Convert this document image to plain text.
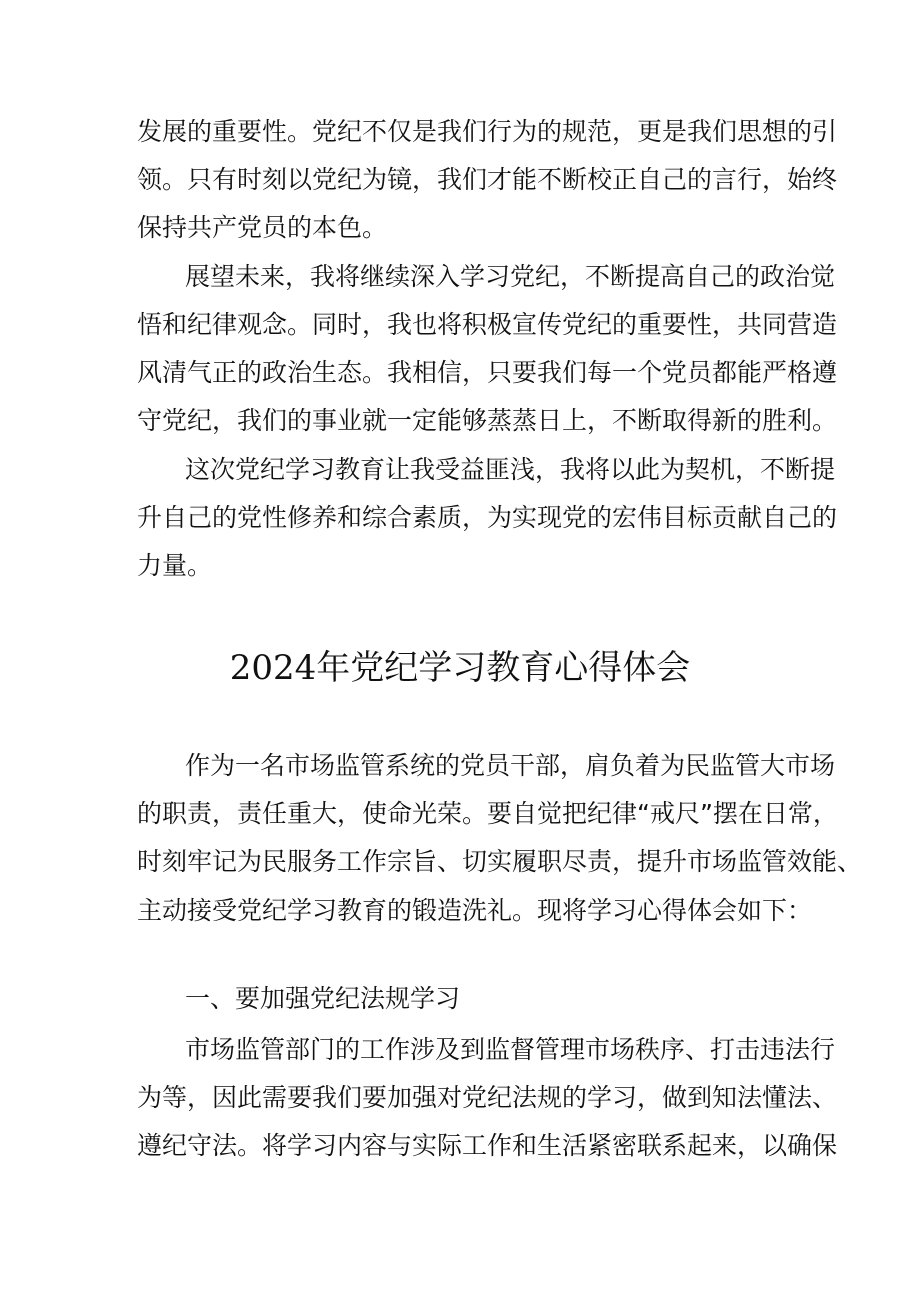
发展的重要性。党纪不仅是我们行为的规范，更是我们思想的引
领。只有时刻以党纪为镜，我们才能不断校正自己的言行，始终
保持共产党员的本色。
展望未来，我将继续深入学习党纪，不断提高自己的政治觉
悟和纪律观念。同时，我也将积极宣传党纪的重要性，共同营造
风清气正的政治生态。我相信，只要我们每一个党员都能严格遵
守党纪，我们的事业就一定能够蒸蒸日上，不断取得新的胜利。
这次党纪学习教育让我受益匪浅，我将以此为契机，不断提
升自己的党性修养和综合素质，为实现党的宏伟目标贡献自己的
力量。
2024年党纪学习教育心得体会
作为一名市场监管系统的党员干部，肩负着为民监管大市场
的职责，责任重大，使命光荣。要自觉把纪律“戒尺”摆在日常，
时刻牢记为民服务工作宗旨、切实履职尽责，提升市场监管效能、
主动接受党纪学习教育的锻造洗礼。现将学习心得体会如下：
一、要加强党纪法规学习
市场监管部门的工作涉及到监督管理市场秩序、打击违法行
为等，因此需要我们要加强对党纪法规的学习，做到知法懂法、
遵纪守法。将学习内容与实际工作和生活紧密联系起来，以确保
